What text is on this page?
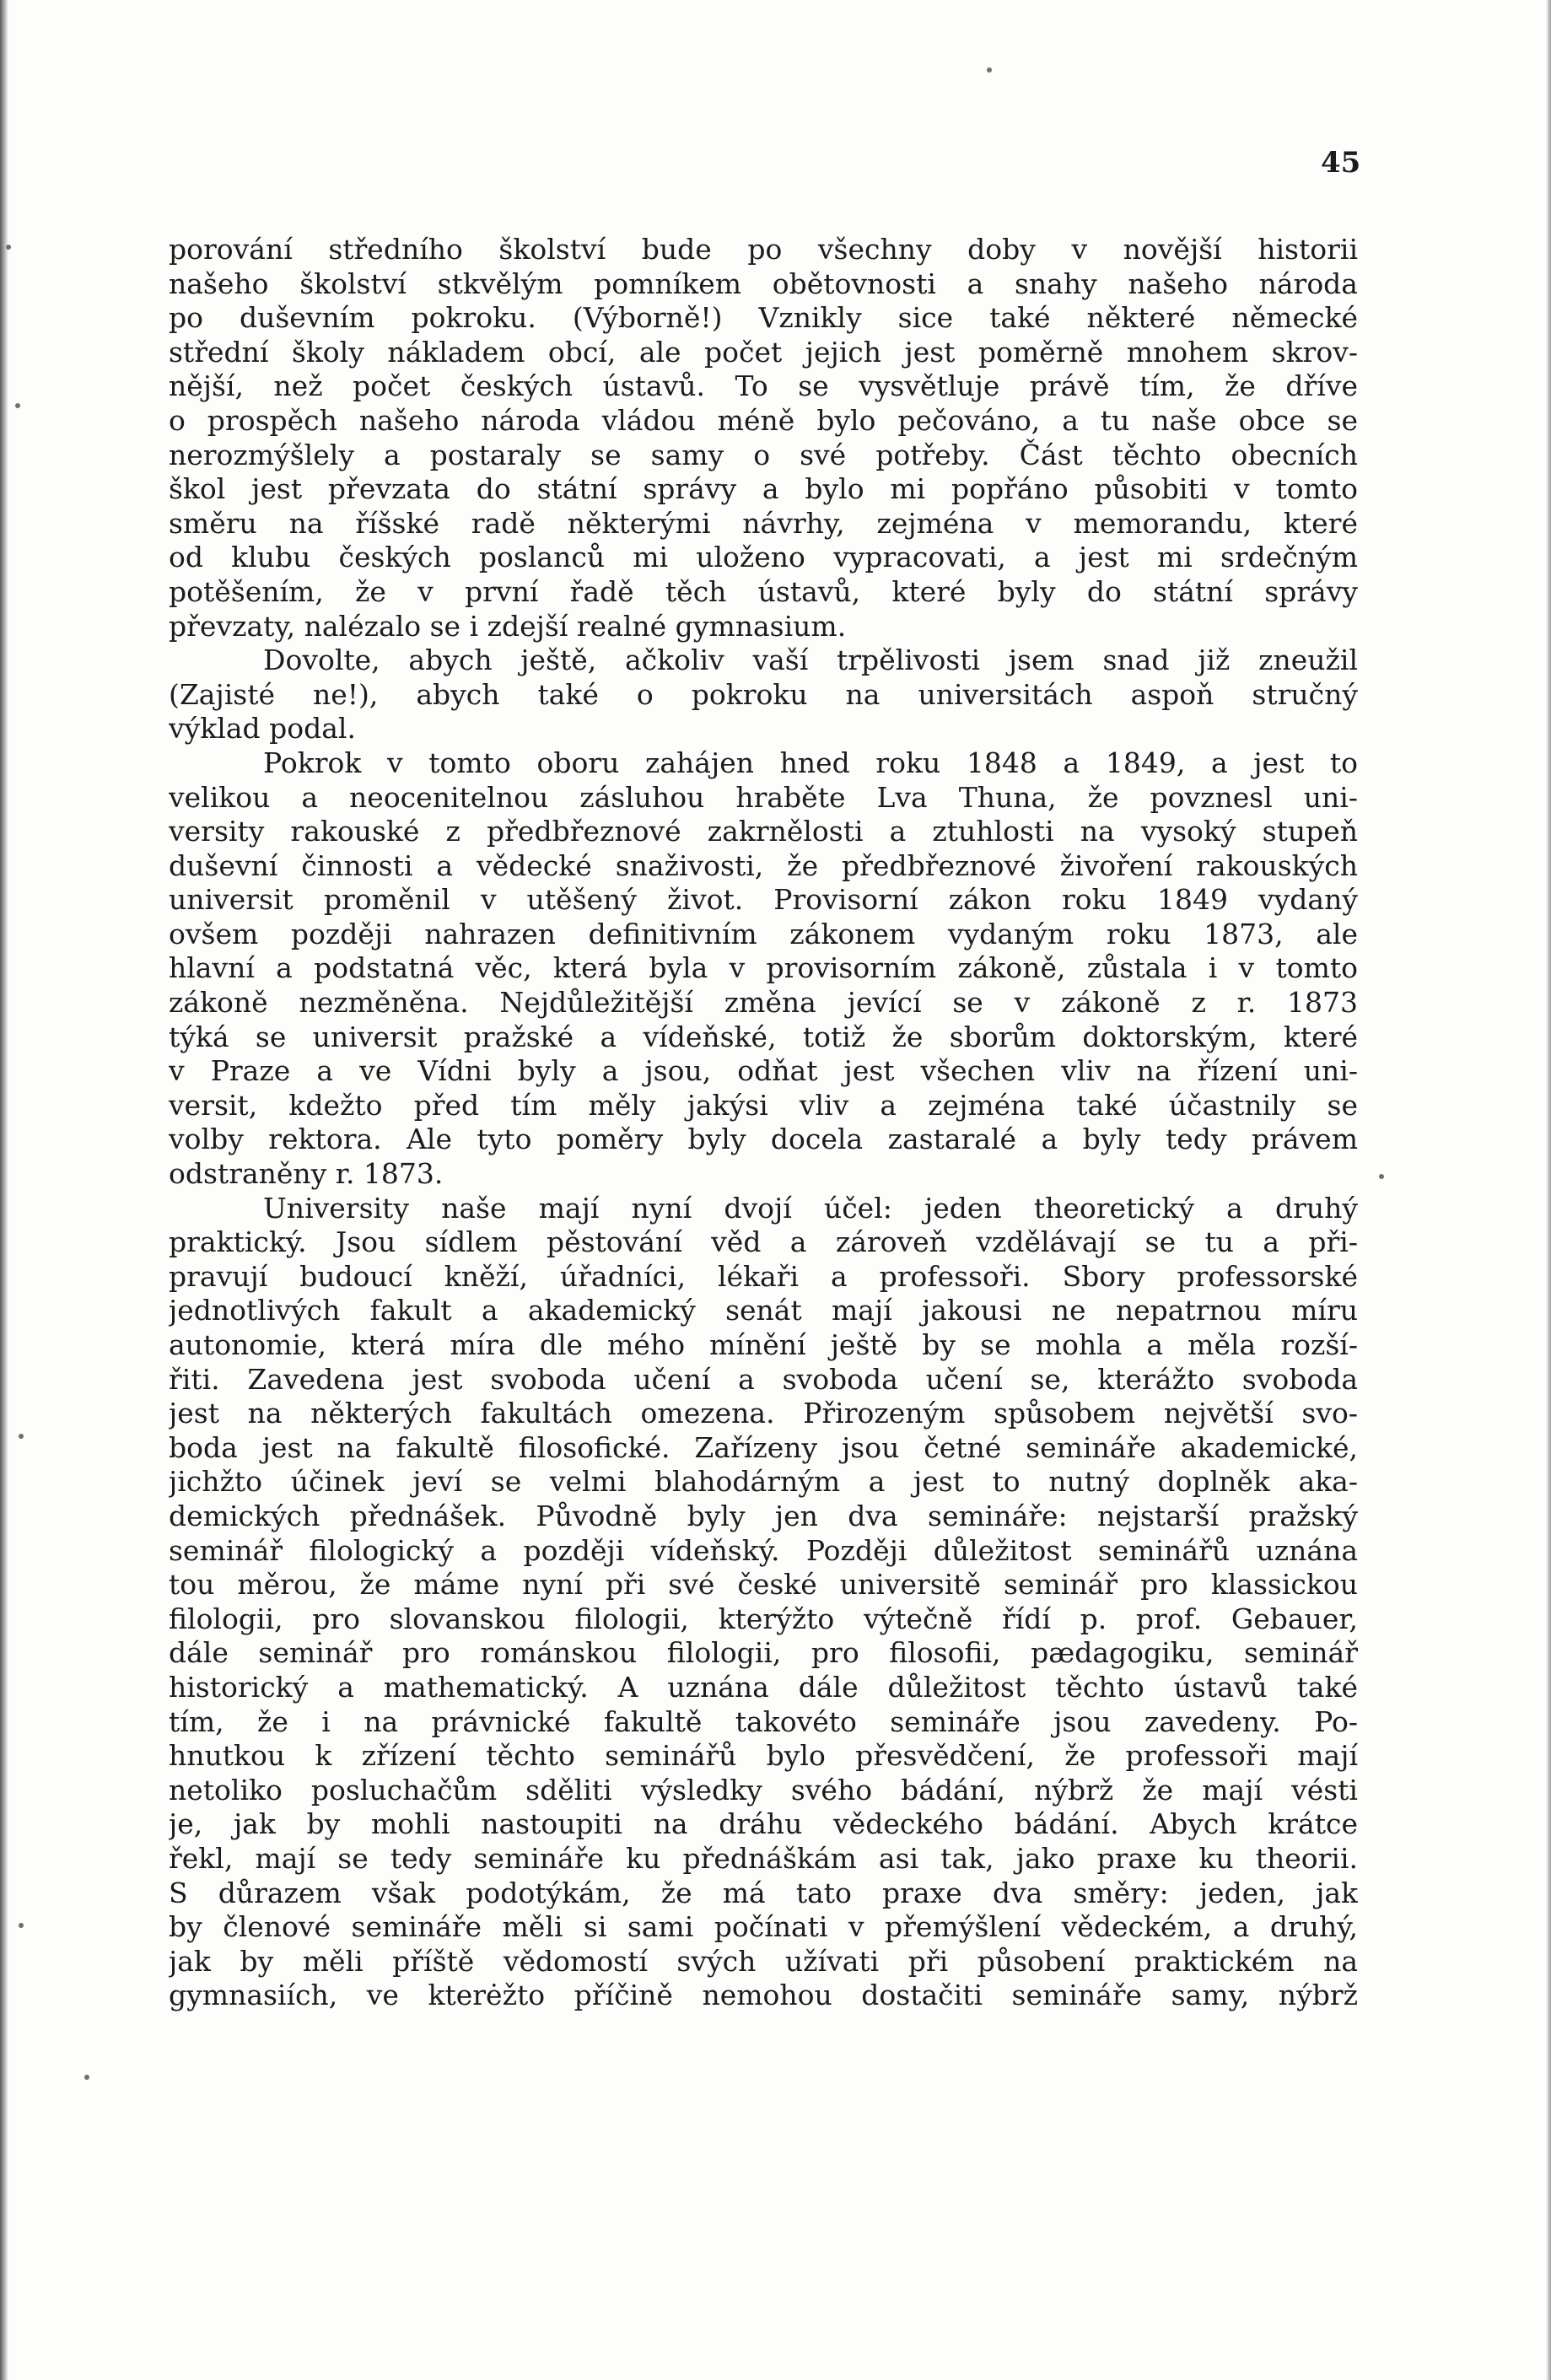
45
porování středního školství bude po všechny doby v novější historii
našeho školství stkvělým pomníkem obětovnosti a snahy našeho národa
po duševním pokroku. (Výborně!) Vznikly sice také některé německé
střední školy nákladem obcí, ale počet jejich jest poměrně mnohem skrov-
nější, než počet českých ústavů. To se vysvětluje právě tím, že dříve
o prospěch našeho národa vládou méně bylo pečováno, a tu naše obce se
nerozmýšlely a postaraly se samy o své potřeby. Část těchto obecních
škol jest převzata do státní správy a bylo mi popřáno působiti v tomto
směru na říšské radě některými návrhy, zejména v memorandu, které
od klubu českých poslanců mi uloženo vypracovati, a jest mi srdečným
potěšením, že v první řadě těch ústavů, které byly do státní správy
převzaty, nalézalo se i zdejší realné gymnasium.
Dovolte, abych ještě, ačkoliv vaší trpělivosti jsem snad již zneužil
(Zajisté ne!), abych také o pokroku na universitách aspoň stručný
výklad podal.
Pokrok v tomto oboru zahájen hned roku 1848 a 1849, a jest to
velikou a neocenitelnou zásluhou hraběte Lva Thuna, že povznesl uni-
versity rakouské z předbřeznové zakrnělosti a ztuhlosti na vysoký stupeň
duševní činnosti a vědecké snaživosti, že předbřeznové živoření rakouských
universit proměnil v utěšený život. Provisorní zákon roku 1849 vydaný
ovšem později nahrazen definitivním zákonem vydaným roku 1873, ale
hlavní a podstatná věc, která byla v provisorním zákoně, zůstala i v tomto
zákoně nezměněna. Nejdůležitější změna jevící se v zákoně z r. 1873
týká se universit pražské a vídeňské, totiž že sborům doktorským, které
v Praze a ve Vídni byly a jsou, odňat jest všechen vliv na řízení uni-
versit, kdežto před tím měly jakýsi vliv a zejména také účastnily se
volby rektora. Ale tyto poměry byly docela zastaralé a byly tedy právem
odstraněny r. 1873.
University naše mají nyní dvojí účel: jeden theoretický a druhý
praktický. Jsou sídlem pěstování věd a zároveň vzdělávají se tu a při-
pravují budoucí kněží, úřadníci, lékaři a professoři. Sbory professorské
jednotlivých fakult a akademický senát mají jakousi ne nepatrnou míru
autonomie, která míra dle mého mínění ještě by se mohla a měla rozší-
řiti. Zavedena jest svoboda učení a svoboda učení se, kterážto svoboda
jest na některých fakultách omezena. Přirozeným spůsobem největší svo-
boda jest na fakultě filosofické. Zařízeny jsou četné semináře akademické,
jichžto účinek jeví se velmi blahodárným a jest to nutný doplněk aka-
demických přednášek. Původně byly jen dva semináře: nejstarší pražský
seminář filologický a později vídeňský. Později důležitost seminářů uznána
tou měrou, že máme nyní při své české universitě seminář pro klassickou
filologii, pro slovanskou filologii, kterýžto výtečně řídí p. prof. Gebauer,
dále seminář pro románskou filologii, pro filosofii, pædagogiku, seminář
historický a mathematický. A uznána dále důležitost těchto ústavů také
tím, že i na právnické fakultě takovéto semináře jsou zavedeny. Po-
hnutkou k zřízení těchto seminářů bylo přesvědčení, že professoři mají
netoliko posluchačům sděliti výsledky svého bádání, nýbrž že mají vésti
je, jak by mohli nastoupiti na dráhu vědeckého bádání. Abych krátce
řekl, mají se tedy semináře ku přednáškám asi tak, jako praxe ku theorii.
S důrazem však podotýkám, že má tato praxe dva směry: jeden, jak
by členové semináře měli si sami počínati v přemýšlení vědeckém, a druhý,
jak by měli příště vědomostí svých užívati při působení praktickém na
gymnasiích, ve kterėžto příčině nemohou dostačiti semináře samy, nýbrž
